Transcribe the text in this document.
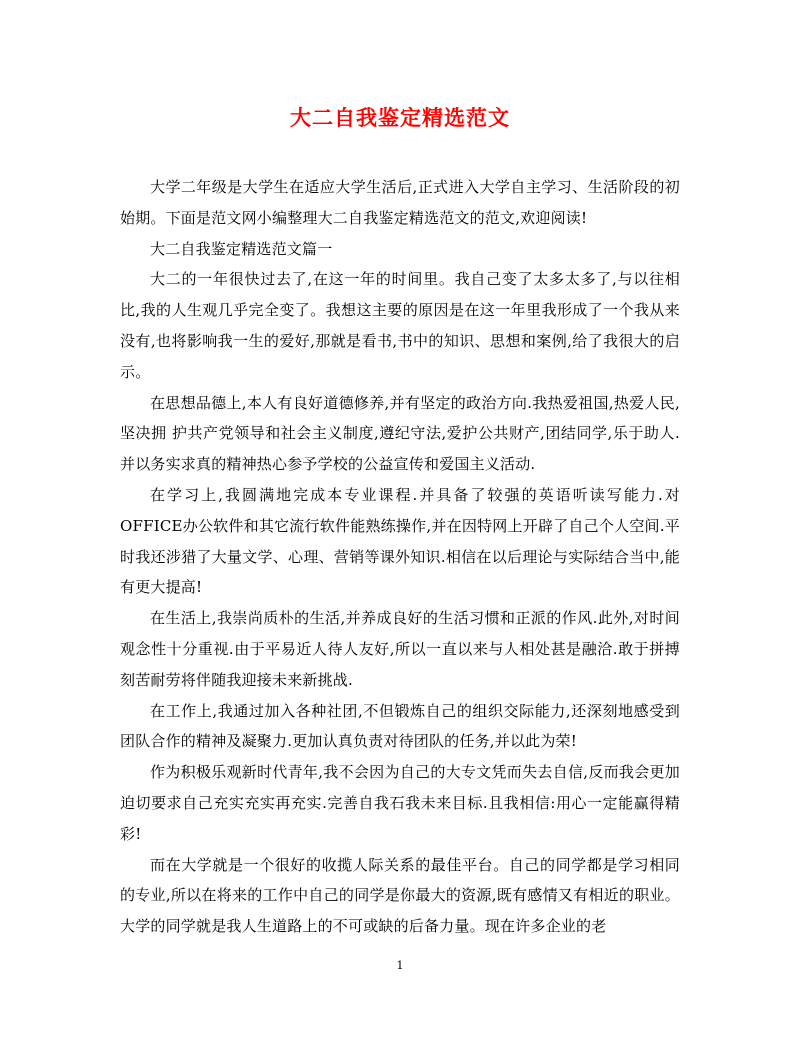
大二自我鉴定精选范文

大学二年级是大学生在适应大学生活后,正式进入大学自主学习、生活阶段的初始期。下面是范文网小编整理大二自我鉴定精选范文的范文,欢迎阅读!

大二自我鉴定精选范文篇一

大二的一年很快过去了,在这一年的时间里。我自己变了太多太多了,与以往相比,我的人生观几乎完全变了。我想这主要的原因是在这一年里我形成了一个我从来没有,也将影响我一生的爱好,那就是看书,书中的知识、思想和案例,给了我很大的启示。

在思想品德上,本人有良好道德修养,并有坚定的政治方向.我热爱祖国,热爱人民,坚决拥 护共产党领导和社会主义制度,遵纪守法,爱护公共财产,团结同学,乐于助人.并以务实求真的精神热心参予学校的公益宣传和爱国主义活动.

在学习上,我圆满地完成本专业课程.并具备了较强的英语听读写能力.对OFFICE办公软件和其它流行软件能熟练操作,并在因特网上开辟了自己个人空间.平时我还涉猎了大量文学、心理、营销等课外知识.相信在以后理论与实际结合当中,能有更大提高!

在生活上,我崇尚质朴的生活,并养成良好的生活习惯和正派的作风.此外,对时间观念性十分重视.由于平易近人待人友好,所以一直以来与人相处甚是融洽.敢于拼搏刻苦耐劳将伴随我迎接未来新挑战.

在工作上,我通过加入各种社团,不但锻炼自己的组织交际能力,还深刻地感受到团队合作的精神及凝聚力.更加认真负责对待团队的任务,并以此为荣!

作为积极乐观新时代青年,我不会因为自己的大专文凭而失去自信,反而我会更加迫切要求自己充实充实再充实.完善自我石我未来目标.且我相信:用心一定能赢得精彩!

而在大学就是一个很好的收揽人际关系的最佳平台。自己的同学都是学习相同的专业,所以在将来的工作中自己的同学是你最大的资源,既有感情又有相近的职业。大学的同学就是我人生道路上的不可或缺的后备力量。现在许多企业的老

1
